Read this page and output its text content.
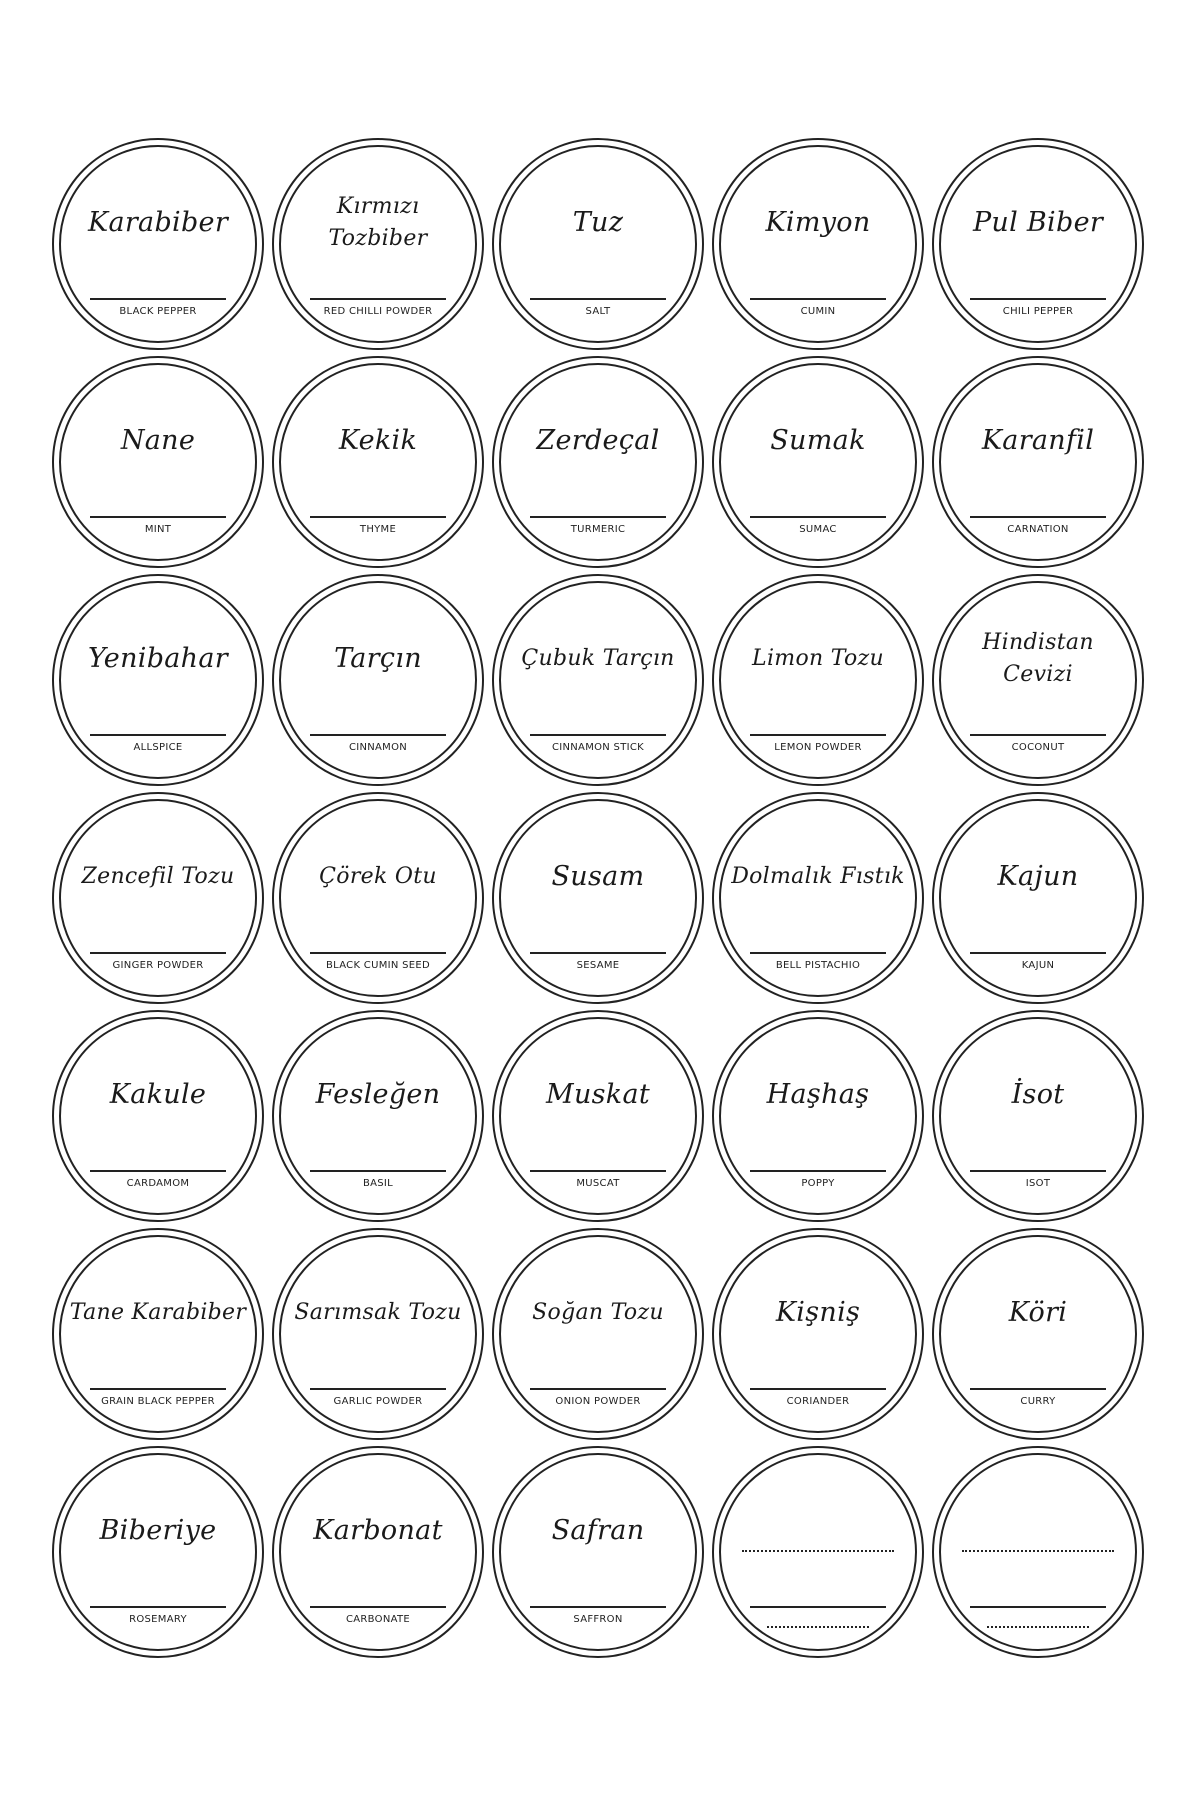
Karabiber
BLACK PEPPER
Kırmızı Tozbiber
RED CHILLI POWDER
Tuz
SALT
Kimyon
CUMIN
Pul Biber
CHILI PEPPER
Nane
MINT
Kekik
THYME
Zerdeçal
TURMERIC
Sumak
SUMAC
Karanfil
CARNATION
Yenibahar
ALLSPICE
Tarçın
CINNAMON
Çubuk Tarçın
CINNAMON STICK
Limon Tozu
LEMON POWDER
Hindistan Cevizi
COCONUT
Zencefil Tozu
GINGER POWDER
Çörek Otu
BLACK CUMIN SEED
Susam
SESAME
Dolmalık Fıstık
BELL PISTACHIO
Kajun
KAJUN
Kakule
CARDAMOM
Fesleğen
BASIL
Muskat
MUSCAT
Haşhaş
POPPY
İsot
ISOT
Tane Karabiber
GRAIN BLACK PEPPER
Sarımsak Tozu
GARLIC POWDER
Soğan Tozu
ONION POWDER
Kişniş
CORIANDER
Köri
CURRY
Biberiye
ROSEMARY
Karbonat
CARBONATE
Safran
SAFFRON
